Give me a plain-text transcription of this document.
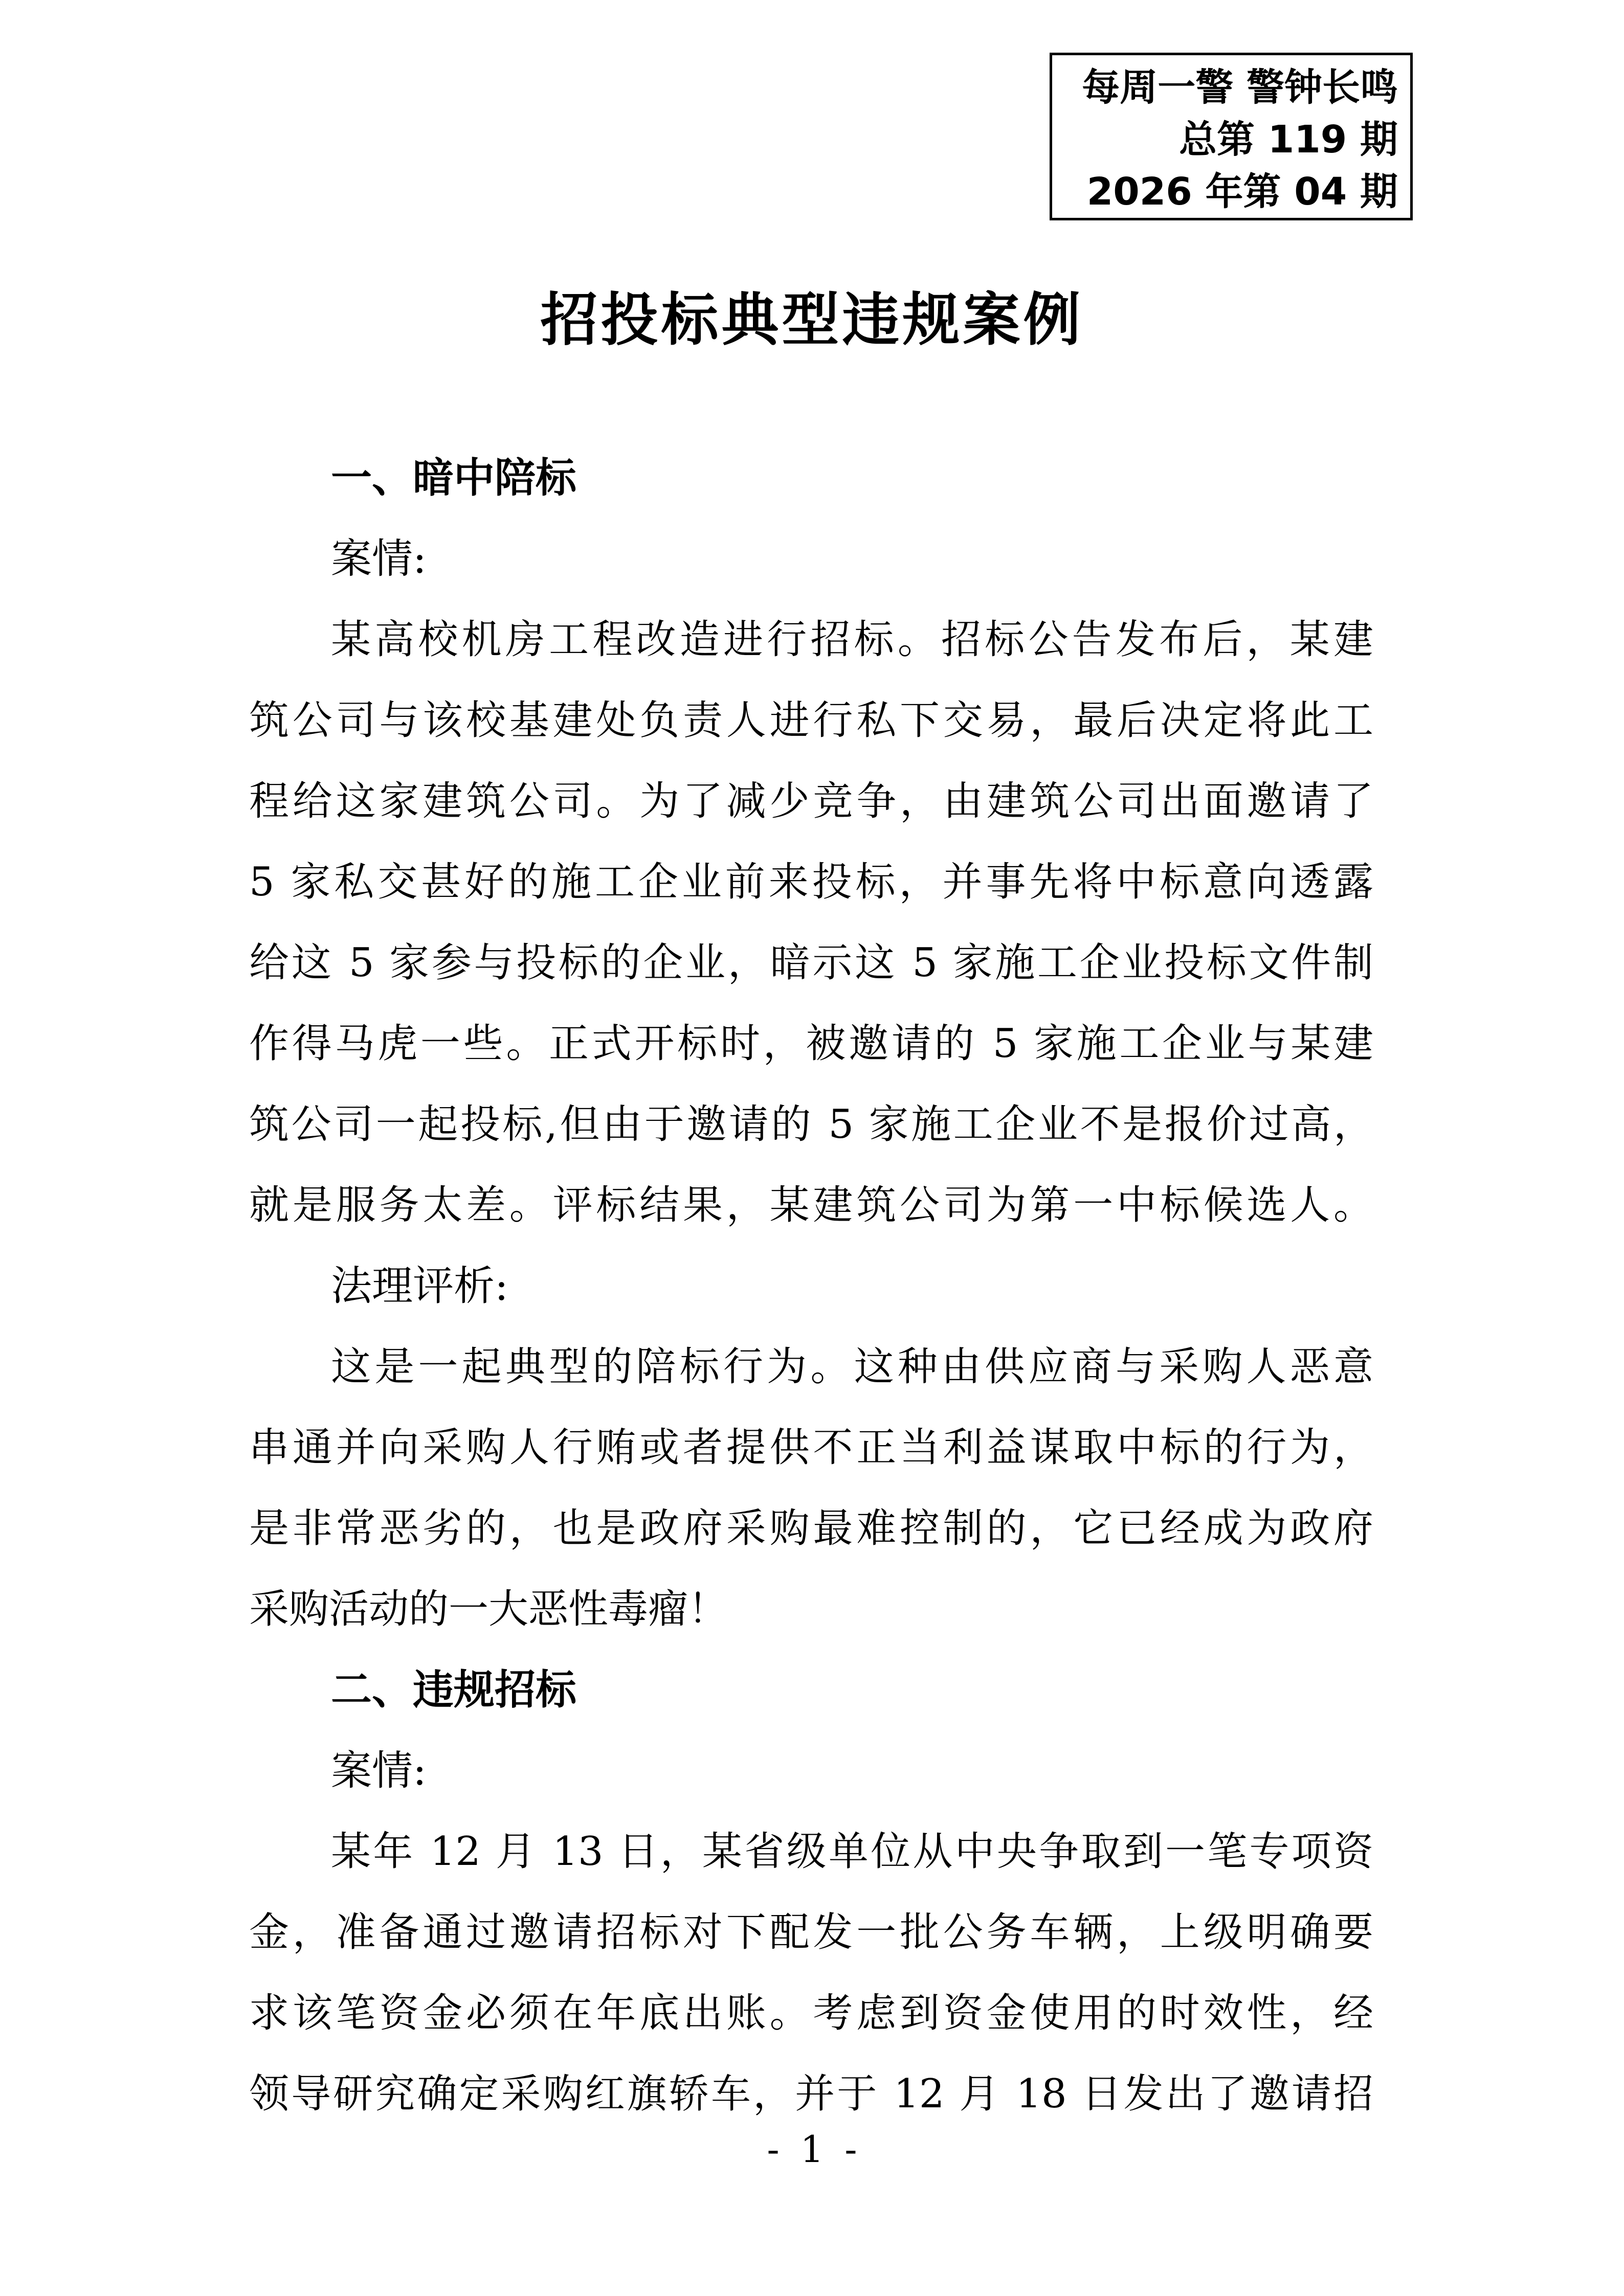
每周一警 警钟长鸣
总第 119 期
2026 年第 04 期
招投标典型违规案例
一、暗中陪标
案情:
某高校机房工程改造进行招标。招标公告发布后，某建
筑公司与该校基建处负责人进行私下交易，最后决定将此工
程给这家建筑公司。为了减少竞争，由建筑公司出面邀请了
5 家私交甚好的施工企业前来投标，并事先将中标意向透露
给这 5 家参与投标的企业，暗示这 5 家施工企业投标文件制
作得马虎一些。正式开标时，被邀请的 5 家施工企业与某建
筑公司一起投标,但由于邀请的 5 家施工企业不是报价过高，
就是服务太差。评标结果，某建筑公司为第一中标候选人。
法理评析:
这是一起典型的陪标行为。这种由供应商与采购人恶意
串通并向采购人行贿或者提供不正当利益谋取中标的行为，
是非常恶劣的，也是政府采购最难控制的，它已经成为政府
采购活动的一大恶性毒瘤！
二、违规招标
案情:
某年 12 月 13 日，某省级单位从中央争取到一笔专项资
金，准备通过邀请招标对下配发一批公务车辆，上级明确要
求该笔资金必须在年底出账。考虑到资金使用的时效性，经
领导研究确定采购红旗轿车，并于 12 月 18 日发出了邀请招
- 1 -
